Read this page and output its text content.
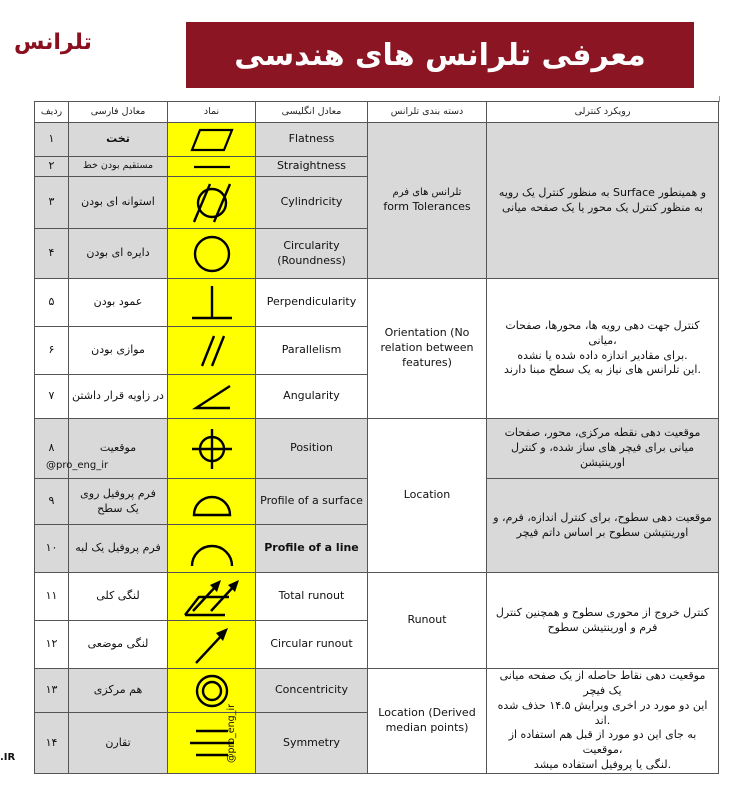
تلرانس	معرفی تلرانس های هندسی
ردیف	معادل فارسی	نماد	معادل انگلیسی	دسته بندی تلرانس	رویکرد کنترلی
۱	تخت		Flatness	تلرانس های فرم
form Tolerances	به منظور کنترل یک رویه Surface و همینطور به منظور کنترل یک محور یا یک صفحه میانی
۲	مستقیم بودن خط		Straightness		
۳	استوانه ای بودن		Cylindricity		
۴	دایره ای بودن		Circularity (Roundness)		
۵	عمود بودن		Perpendicularity	Orientation (No relation between features)	کنترل جهت دهی رویه ها، محورها، صفحات میانی،
برای مقادیر اندازه داده شده یا نشده.
این تلرانس های نیاز به یک سطح مبنا دارند.

۶	موازی بودن		Parallelism		
۷	در زاویه قرار داشتن		Angularity		
۸	موقعیت		Position	Location	موقعیت دهی نقطه مرکزی، محور، صفحات میانی برای فیچر های ساز شده، و کنترل اورینتیشن
۹	فرم پروفیل روی یک سطح		Profile of a surface		موقعیت دهی سطوح، برای کنترل اندازه، فرم، و اورینتیشن سطوح بر اساس داتم فیچر
۱۰	فرم پروفیل یک لبه		Profile of a line		
۱۱	لنگی کلی		Total runout	Runout	کنترل خروج از محوری سطوح و همچنین کنترل فرم و اورینتیشن سطوح
۱۲	لنگی موضعی		Circular runout		
۱۳	هم مرکزی		Concentricity	Location (Derived median points)	موقعیت دهی نقاط حاصله از یک صفحه میانی یک فیچر
این دو مورد در اخری ویرایش ۱۴.۵ حذف شده اند.
به جای این دو مورد از قبل هم استفاده از موقعیت،
لنگی یا پروفیل استفاده میشد.

۱۴	تقارن		Symmetry		
@pro_eng_ir
@pro_eng_ir
.IR
